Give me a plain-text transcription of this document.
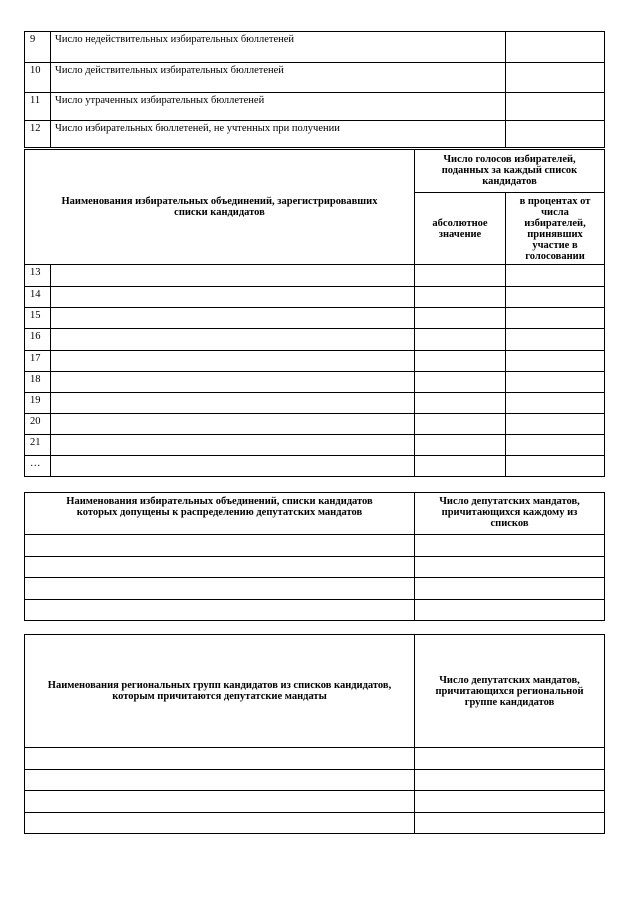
9	Число недействительных избирательных бюллетеней		
10	Число действительных избирательных бюллетеней		
11	Число утраченных избирательных бюллетеней		
12	Число избирательных бюллетеней, не учтенных при получении		
Наименования избирательных объединений, зарегистрировавших списки кандидатов		Число голосов избирателей, поданных за каждый список кандидатов	
		абсолютное значение	в процентах от числа избирателей, принявших участие в голосовании
13			
14			
15			
16			
17			
18			
19			
20			
21			
…			
Наименования избирательных объединений, списки кандидатов которых допущены к распределению депутатских мандатов	Число депутатских мандатов, причитающихся каждому из списков

Наименования региональных групп кандидатов из списков кандидатов, которым причитаются депутатские мандаты	Число депутатских мандатов, причитающихся региональной группе кандидатов
